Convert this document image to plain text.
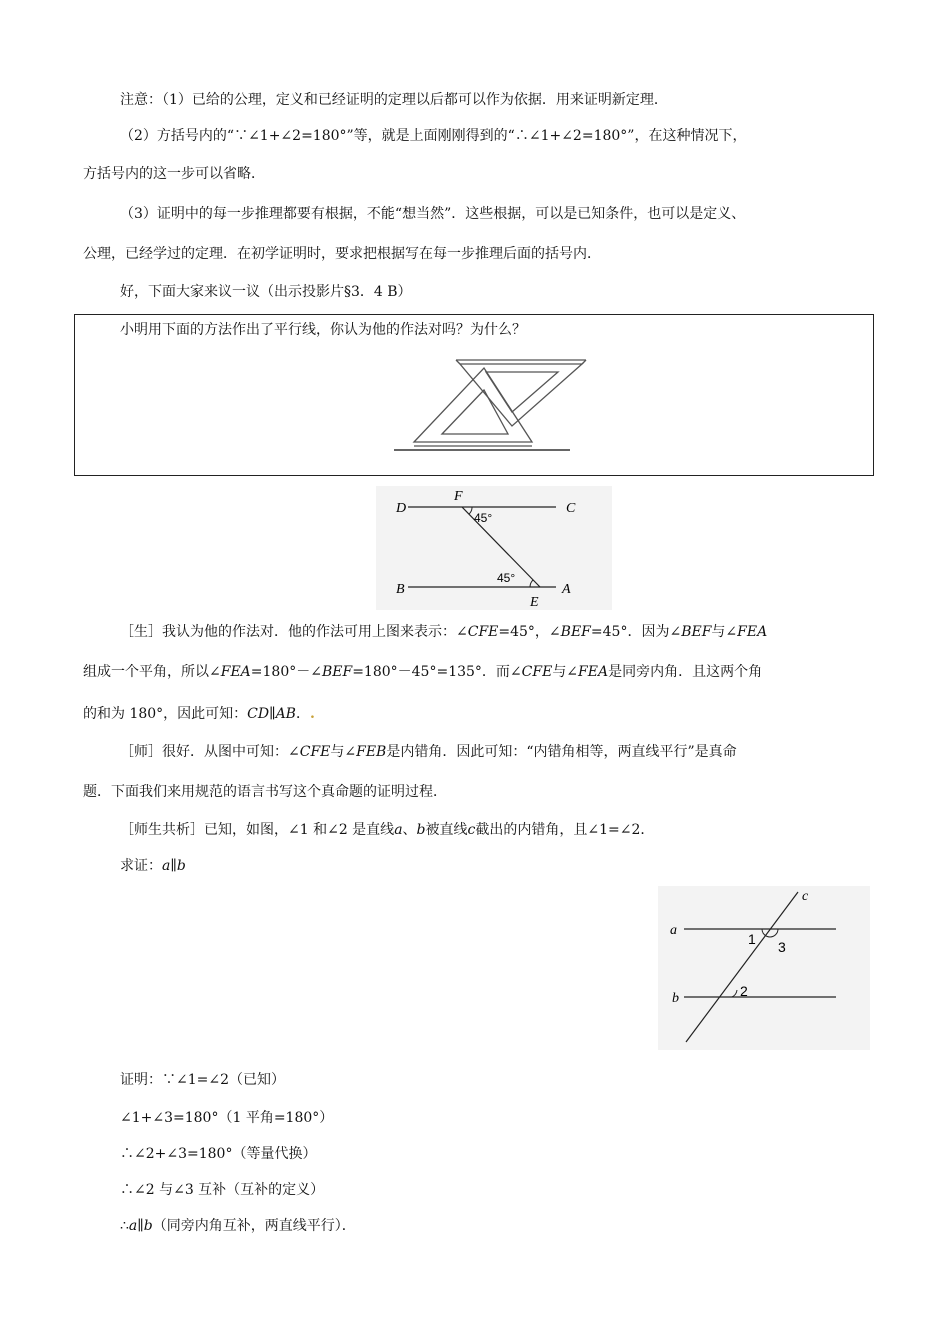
注意：（1）已给的公理，定义和已经证明的定理以后都可以作为依据．用来证明新定理．
（2）方括号内的“∵∠1+∠2=180°”等，就是上面刚刚得到的“∴∠1+∠2=180°”，在这种情况下，
方括号内的这一步可以省略．
（3）证明中的每一步推理都要有根据，不能“想当然”．这些根据，可以是已知条件，也可以是定义、
公理，已经学过的定理．在初学证明时，要求把根据写在每一步推理后面的括号内．
好，下面大家来议一议（出示投影片§3．4 B）
小明用下面的方法作出了平行线，你认为他的作法对吗？为什么？
D
F
C
B
E
A
45°
45°
［生］我认为他的作法对．他的作法可用上图来表示：∠CFE=45°，∠BEF=45°．因为∠BEF与∠FEA
组成一个平角，所以∠FEA=180°－∠BEF=180°－45°=135°．而∠CFE与∠FEA是同旁内角．且这两个角
的和为 180°，因此可知：CD∥AB．.
［师］很好．从图中可知：∠CFE与∠FEB是内错角．因此可知：“内错角相等，两直线平行”是真命
题．下面我们来用规范的语言书写这个真命题的证明过程．
［师生共析］已知，如图，∠1 和∠2 是直线a、b被直线c截出的内错角，且∠1=∠2．
求证：a∥b
a
b
c
1 3
2
证明：∵∠1=∠2（已知）
∠1+∠3=180°（1 平角=180°）
∴∠2+∠3=180°（等量代换）
∴∠2 与∠3 互补（互补的定义）
∴a∥b（同旁内角互补，两直线平行）．
